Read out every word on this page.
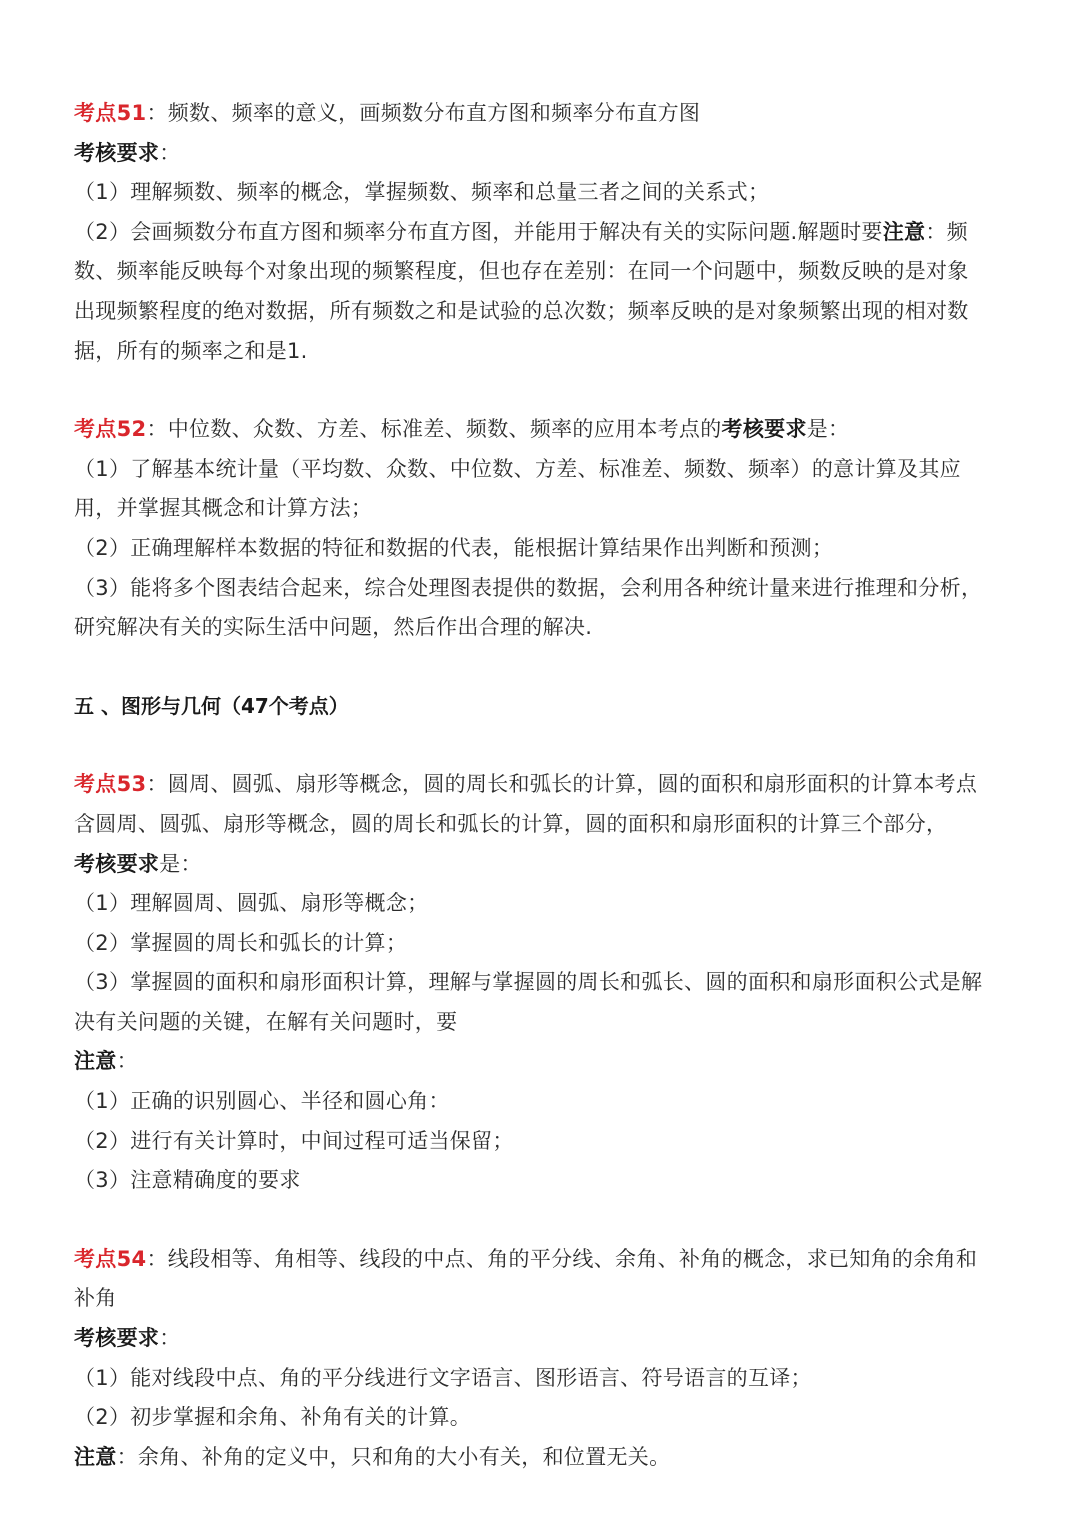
考点51：频数、频率的意义，画频数分布直方图和频率分布直方图
考核要求：
（1）理解频数、频率的概念，掌握频数、频率和总量三者之间的关系式；
（2）会画频数分布直方图和频率分布直方图，并能用于解决有关的实际问题.解题时要注意：频
数、频率能反映每个对象出现的频繁程度，但也存在差别：在同一个问题中，频数反映的是对象
出现频繁程度的绝对数据，所有频数之和是试验的总次数；频率反映的是对象频繁出现的相对数
据，所有的频率之和是1.
考点52：中位数、众数、方差、标准差、频数、频率的应用本考点的考核要求是：
（1）了解基本统计量（平均数、众数、中位数、方差、标准差、频数、频率）的意计算及其应
用，并掌握其概念和计算方法；
（2）正确理解样本数据的特征和数据的代表，能根据计算结果作出判断和预测；
（3）能将多个图表结合起来，综合处理图表提供的数据，会利用各种统计量来进行推理和分析，
研究解决有关的实际生活中问题，然后作出合理的解决.
五 、图形与几何（47个考点）
考点53：圆周、圆弧、扇形等概念，圆的周长和弧长的计算，圆的面积和扇形面积的计算本考点
含圆周、圆弧、扇形等概念，圆的周长和弧长的计算，圆的面积和扇形面积的计算三个部分，
考核要求是：
（1）理解圆周、圆弧、扇形等概念；
（2）掌握圆的周长和弧长的计算；
（3）掌握圆的面积和扇形面积计算，理解与掌握圆的周长和弧长、圆的面积和扇形面积公式是解
决有关问题的关键，在解有关问题时，要
注意：
（1）正确的识别圆心、半径和圆心角：
（2）进行有关计算时，中间过程可适当保留；
（3）注意精确度的要求
考点54：线段相等、角相等、线段的中点、角的平分线、余角、补角的概念，求已知角的余角和
补角
考核要求：
（1）能对线段中点、角的平分线进行文字语言、图形语言、符号语言的互译；
（2）初步掌握和余角、补角有关的计算。
注意：余角、补角的定义中，只和角的大小有关，和位置无关。
